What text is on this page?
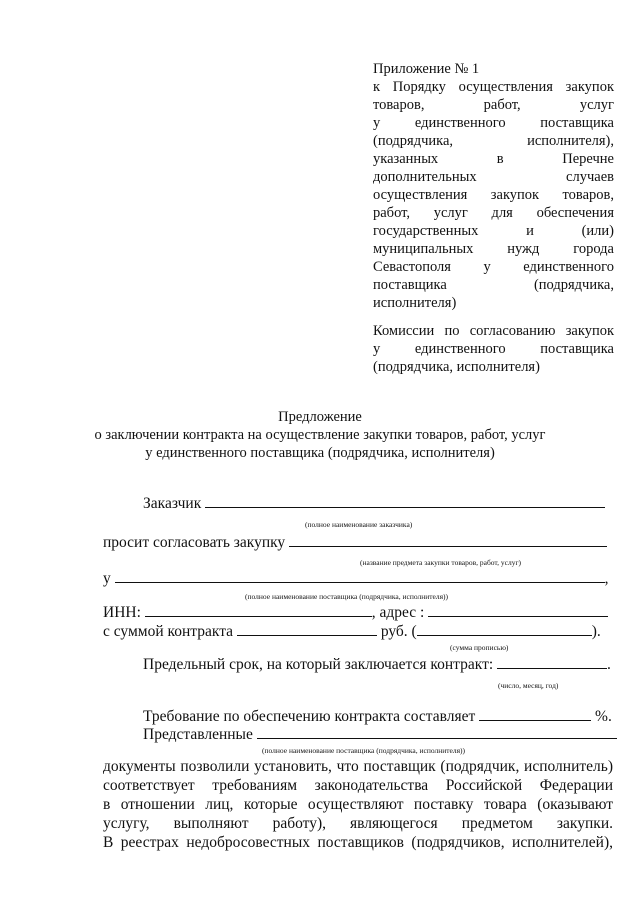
Приложение № 1
к Порядку осуществления закупок
товаров, работ, услуг
у единственного поставщика
(подрядчика, исполнителя),
указанных в Перечне
дополнительных случаев
осуществления закупок товаров,
работ, услуг для обеспечения
государственных и (или)
муниципальных нужд города
Севастополя у единственного
поставщика (подрядчика,
исполнителя)
Комиссии по согласованию закупок
у единственного поставщика
(подрядчика, исполнителя)
Предложение
о заключении контракта на осуществление закупки товаров, работ, услуг
у единственного поставщика (подрядчика, исполнителя)
Заказчик
(полное наименование заказчика)
просит согласовать закупку
(название предмета закупки товаров, работ, услуг)
у	,
(полное наименование поставщика (подрядчика, исполнителя))
ИНН:	, адрес :
с суммой контракта	руб. (	).
(сумма прописью)
Предельный срок, на который заключается контракт:	.
(число, месяц, год)
Требование по обеспечению контракта составляет	%.
Представленные
(полное наименование поставщика (подрядчика, исполнителя))
документы позволили установить, что поставщик (подрядчик, исполнитель)
соответствует требованиям законодательства Российской Федерации
в отношении лиц, которые осуществляют поставку товара (оказывают
услугу, выполняют работу), являющегося предметом закупки.
В реестрах недобросовестных поставщиков (подрядчиков, исполнителей),
